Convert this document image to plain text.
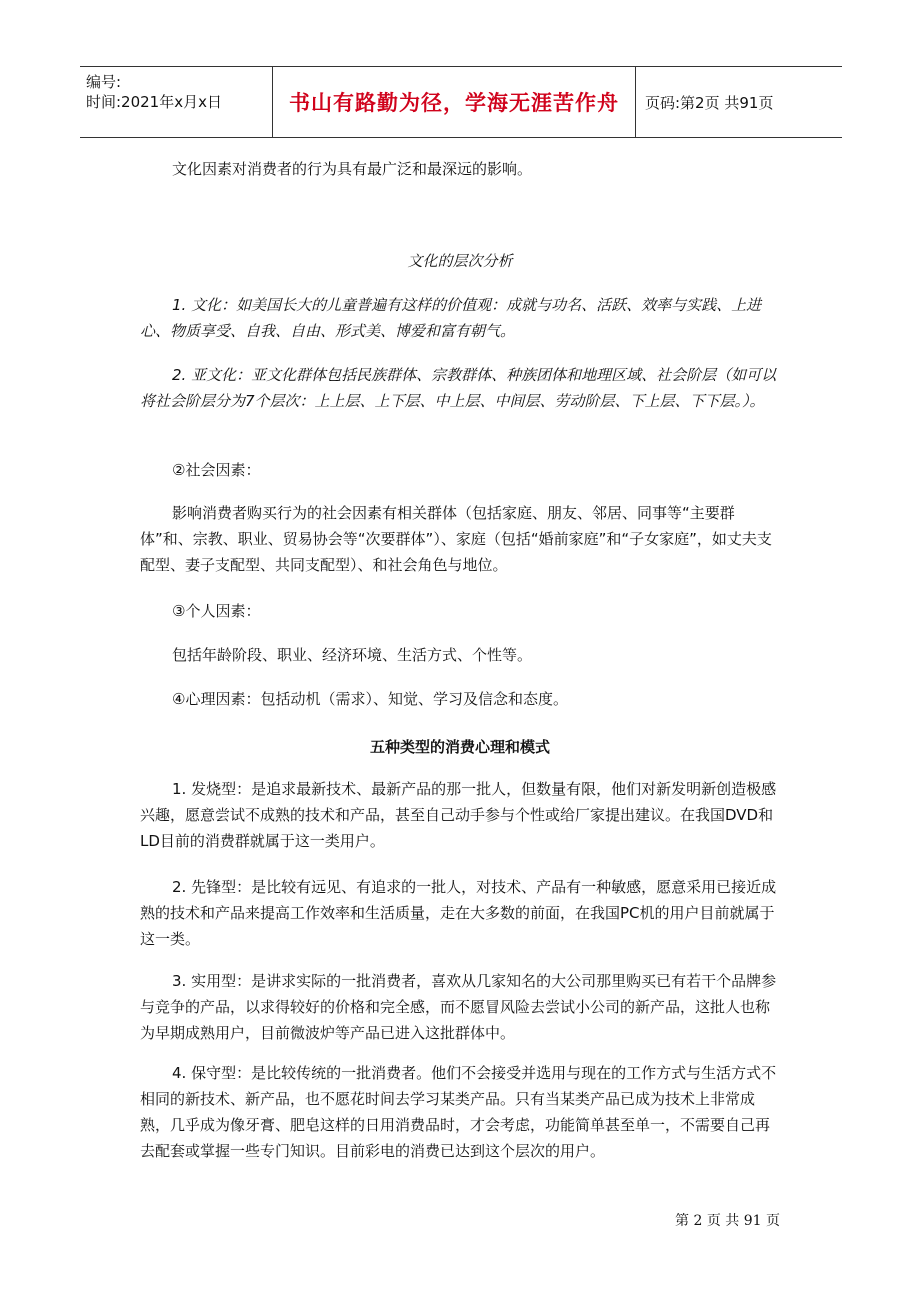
编号:
时间:2021年x月x日	书山有路勤为径，学海无涯苦作舟 页码:第2页 共91页

文化因素对消费者的行为具有最广泛和最深远的影响。

文化的层次分析

1. 文化：如美国长大的儿童普遍有这样的价值观：成就与功名、活跃、效率与实践、上进心、物质享受、自我、自由、形式美、博爱和富有朝气。

2. 亚文化：亚文化群体包括民族群体、宗教群体、种族团体和地理区域、社会阶层（如可以将社会阶层分为7个层次：上上层、上下层、中上层、中间层、劳动阶层、下上层、下下层。）。

②社会因素：

影响消费者购买行为的社会因素有相关群体（包括家庭、朋友、邻居、同事等“主要群体”和、宗教、职业、贸易协会等“次要群体”）、家庭（包括“婚前家庭”和“子女家庭”，如丈夫支配型、妻子支配型、共同支配型）、和社会角色与地位。

③个人因素：

包括年龄阶段、职业、经济环境、生活方式、个性等。

④心理因素：包括动机（需求）、知觉、学习及信念和态度。

五种类型的消费心理和模式

1. 发烧型：是追求最新技术、最新产品的那一批人，但数量有限，他们对新发明新创造极感兴趣，愿意尝试不成熟的技术和产品，甚至自己动手参与个性或给厂家提出建议。在我国DVD和LD目前的消费群就属于这一类用户。

2. 先锋型：是比较有远见、有追求的一批人，对技术、产品有一种敏感，愿意采用已接近成熟的技术和产品来提高工作效率和生活质量，走在大多数的前面，在我国PC机的用户目前就属于这一类。

3. 实用型：是讲求实际的一批消费者，喜欢从几家知名的大公司那里购买已有若干个品牌参与竞争的产品，以求得较好的价格和完全感，而不愿冒风险去尝试小公司的新产品，这批人也称为早期成熟用户，目前微波炉等产品已进入这批群体中。

4. 保守型：是比较传统的一批消费者。他们不会接受并选用与现在的工作方式与生活方式不相同的新技术、新产品，也不愿花时间去学习某类产品。只有当某类产品已成为技术上非常成熟，几乎成为像牙膏、肥皂这样的日用消费品时，才会考虑，功能简单甚至单一，不需要自己再去配套或掌握一些专门知识。目前彩电的消费已达到这个层次的用户。

第 2 页 共 91 页
